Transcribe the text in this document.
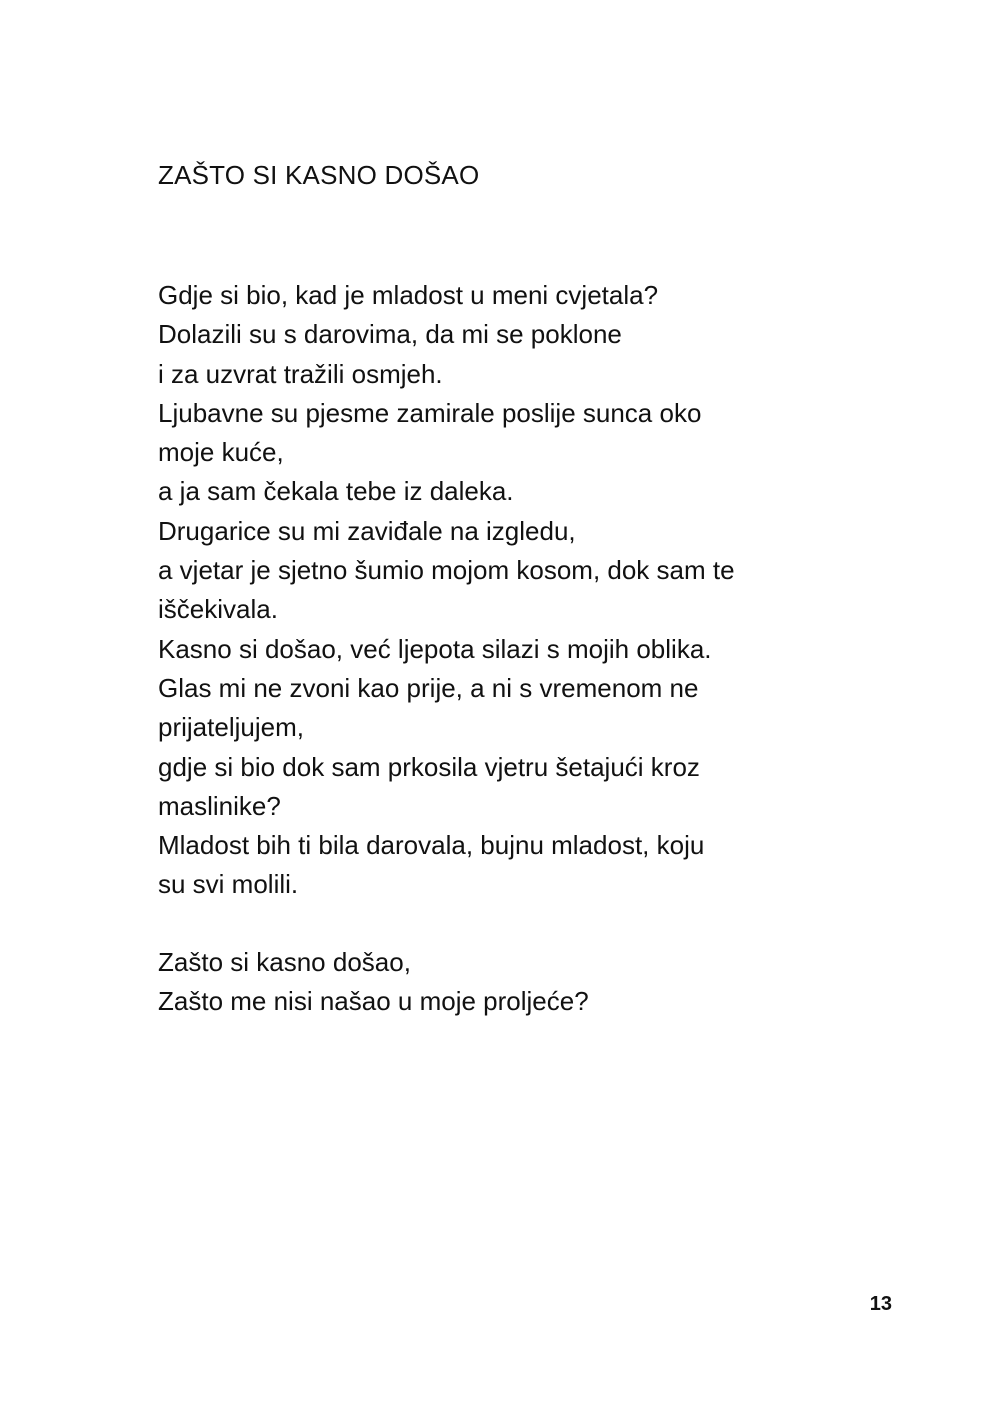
ZAŠTO SI KASNO DOŠAO
Gdje si bio, kad je mladost u meni cvjetala?
Dolazili su s darovima, da mi se poklone
i za uzvrat tražili osmjeh.
Ljubavne su pjesme zamirale poslije sunca oko
moje kuće,
a ja sam čekala tebe iz daleka.
Drugarice su mi zaviđale na izgledu,
a vjetar je sjetno šumio mojom kosom, dok sam te
iščekivala.
Kasno si došao, već ljepota silazi s mojih oblika.
Glas mi ne zvoni kao prije, a ni s vremenom ne
prijateljujem,
gdje si bio dok sam prkosila vjetru šetajući kroz
maslinike?
Mladost bih ti bila darovala, bujnu mladost, koju
su svi molili.
Zašto si kasno došao,
Zašto me nisi našao u moje proljeće?
13
